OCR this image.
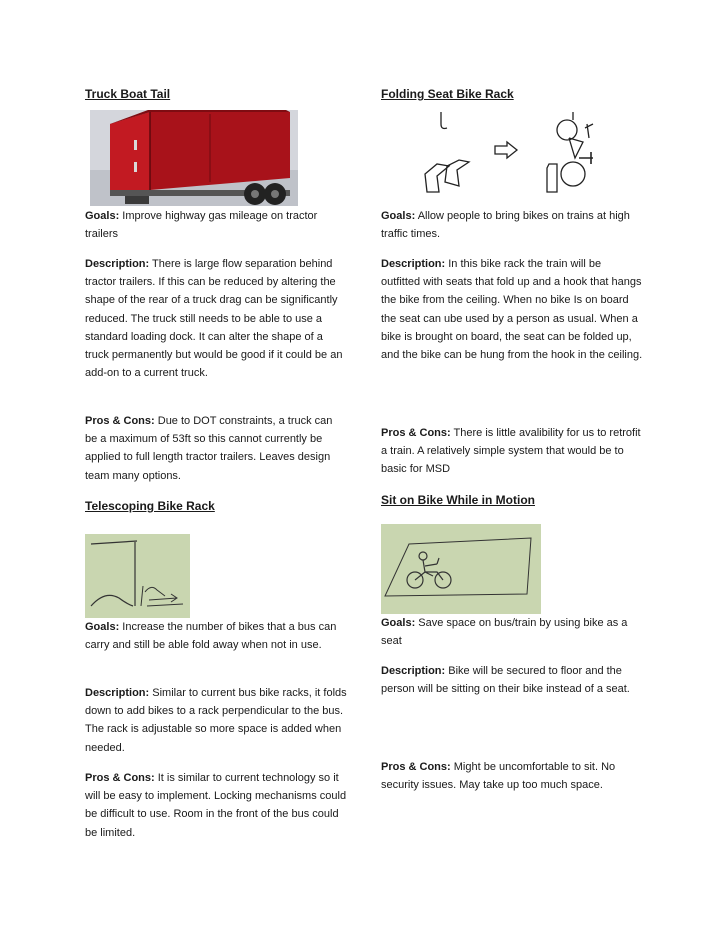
Truck Boat Tail

Goals: Improve highway gas mileage on tractor trailers

Description: There is large flow separation behind tractor trailers. If this can be reduced by altering the shape of the rear of a truck drag can be significantly reduced. The truck still needs to be able to use a standard loading dock. It can alter the shape of a truck permanently but would be good if it could be an add-on to a current truck.

Pros & Cons: Due to DOT constraints, a truck can be a maximum of 53ft so this cannot currently be applied to full length tractor trailers. Leaves design team many options.

Telescoping Bike Rack

Goals: Increase the number of bikes that a bus can carry and still be able fold away when not in use.

Description: Similar to current bus bike racks, it folds down to add bikes to a rack perpendicular to the bus. The rack is adjustable so more space is added when needed.

Pros & Cons: It is similar to current technology so it will be easy to implement. Locking mechanisms could be difficult to use. Room in the front of the bus could be limited.

Folding Seat Bike Rack

Goals: Allow people to bring bikes on trains at high traffic times.

Description: In this bike rack the train will be outfitted with seats that fold up and a hook that hangs the bike from the ceiling. When no bike Is on board the seat can ube used by a person as usual. When a bike is brought on board, the seat can be folded up, and the bike can be hung from the hook in the ceiling.

Pros & Cons: There is little avalibility for us to retrofit a train. A relatively simple system that would be to basic for MSD

Sit on Bike While in Motion

Goals: Save space on bus/train by using bike as a seat

Description: Bike will be secured to floor and the person will be sitting on their bike instead of a seat.

Pros & Cons: Might be uncomfortable to sit. No security issues. May take up too much space.
